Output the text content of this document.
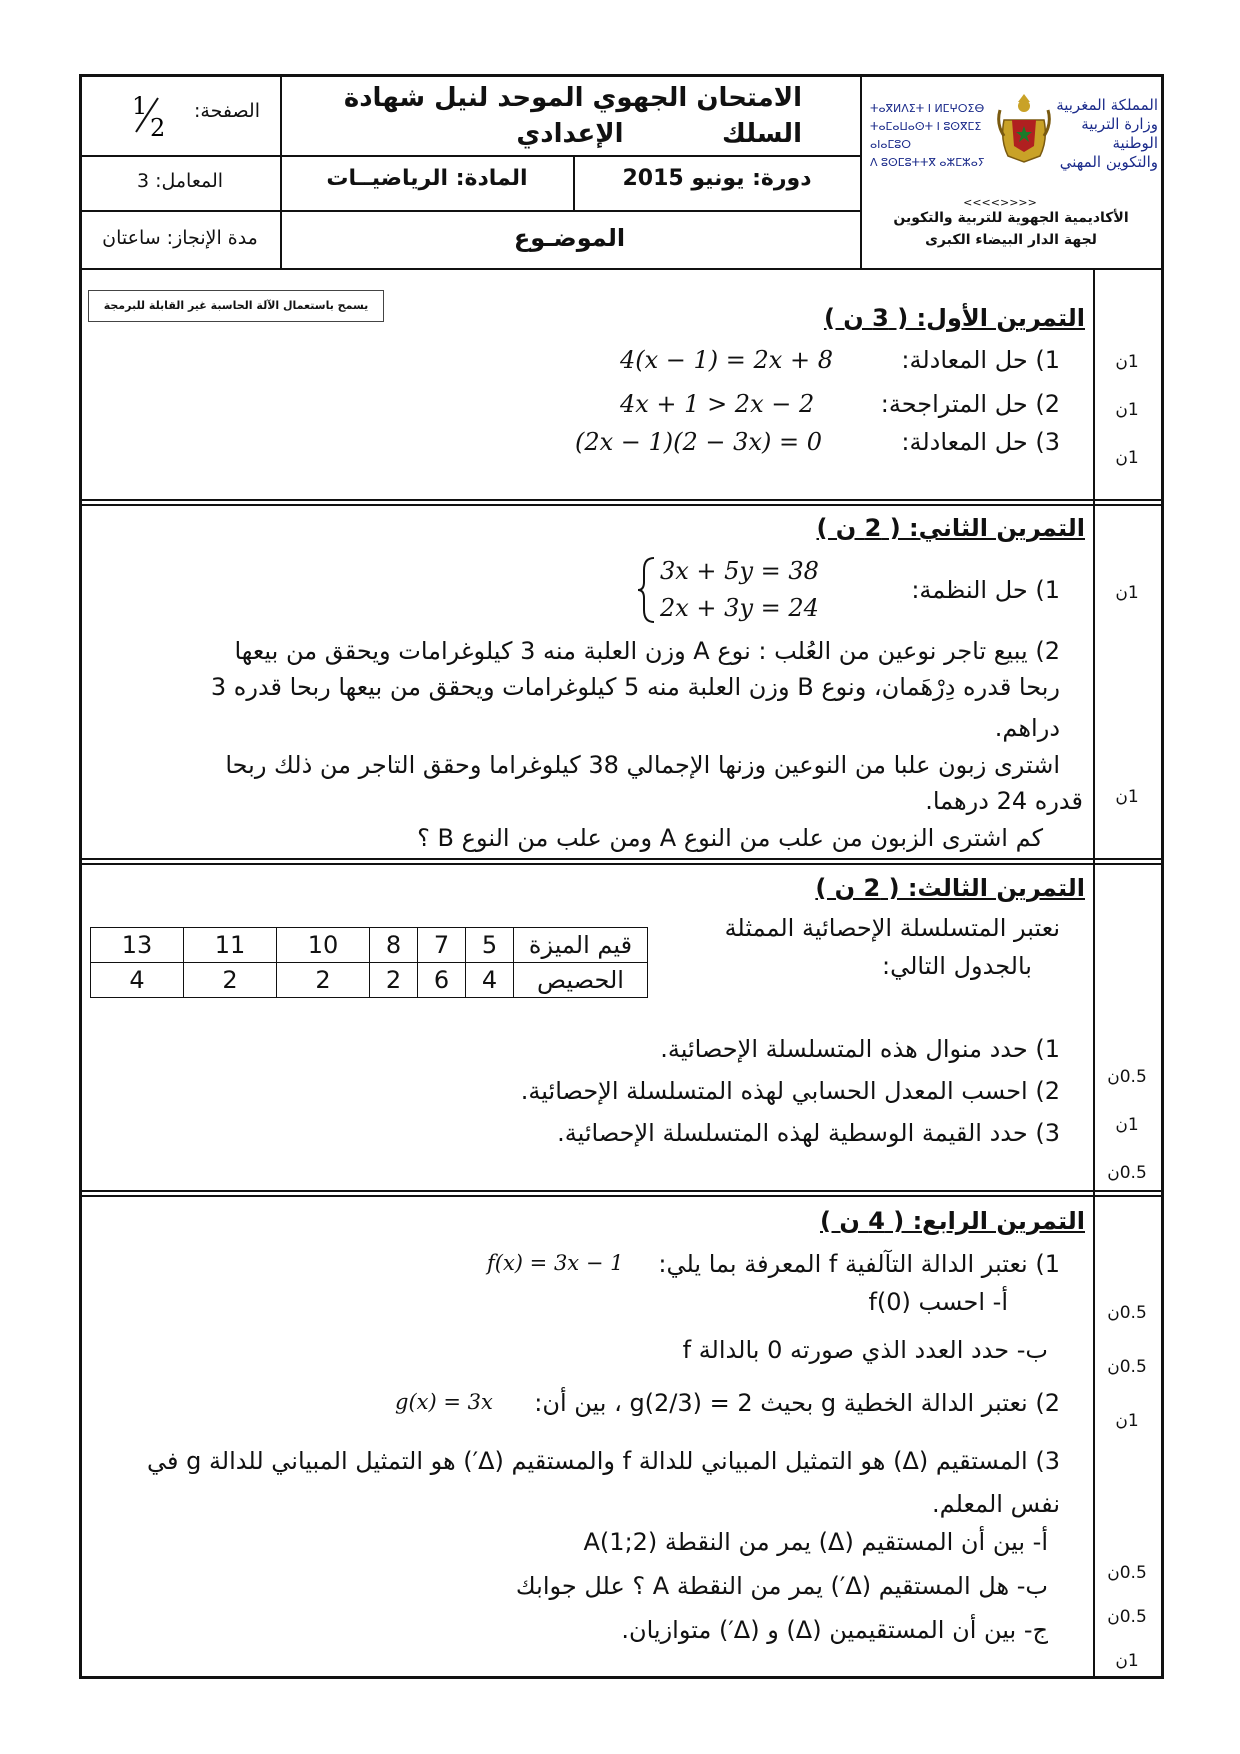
الصفحة:
1
2
الامتحان الجهوي الموحد لنيل شهادة السلك
الإعدادي
المعامل: 3	المادة: الرياضيــات	دورة: يونيو 2015
مدة الإنجاز: ساعتان	الموضـوع
ⵜⴰⴳⵍⴷⵉⵜ ⵏ ⵍⵎⵖⵔⵉⴱ
ⵜⴰⵎⴰⵡⴰⵙⵜ ⵏ ⵓⵙⴳⵎⵉ ⴰⵏⴰⵎⵓⵔ
ⴷ ⵓⵙⵎⵓⵜⵜⴳ ⴰⵣⵎⵣⴰⵢ
المملكة المغربية
وزارة التربية الوطنية
والتكوين المهني
<<<<>>>>
الأكاديمية الجهوية للتربية والتكوين
لجهة الدار البيضاء الكبرى
يسمح باستعمال الآلة الحاسبة غير القابلة للبرمجة	التمرين الأول: ( 3 ن )
1) حل المعادلة:
4(x − 1) = 2x + 8
2) حل المتراجحة:
4x + 1 > 2x − 2
3) حل المعادلة:
(2x − 1)(2 − 3x) = 0
1ن
1ن
1ن
التمرين الثاني: ( 2 ن )
1) حل النظمة:
3x + 5y = 38
2x + 3y = 24
2) يبيع تاجر نوعين من العُلب : نوع A وزن العلبة منه 3 كيلوغرامات ويحقق من بيعها
ربحا قدره دِرْهَمان، ونوع B وزن العلبة منه 5 كيلوغرامات ويحقق من بيعها ربحا قدره 3
دراهم.
اشترى زبون علبا من النوعين وزنها الإجمالي 38 كيلوغراما وحقق التاجر من ذلك ربحا
قدره 24 درهما.
كم اشترى الزبون من علب من النوع A ومن علب من النوع B ؟
1ن
1ن
التمرين الثالث: ( 2 ن )
نعتبر المتسلسلة الإحصائية الممثلة
بالجدول التالي:
قيم الميزة	5	7	8	10	11	13
الحصيص	4	6	2	2	2	4
1) حدد منوال هذه المتسلسلة الإحصائية.
2) احسب المعدل الحسابي لهذه المتسلسلة الإحصائية.
3) حدد القيمة الوسطية لهذه المتسلسلة الإحصائية.
0.5ن
1ن
0.5ن
التمرين الرابع: ( 4 ن )
1) نعتبر الدالة التآلفية f المعرفة بما يلي:
f(x) = 3x − 1
أ- احسب f(0)
ب- حدد العدد الذي صورته 0 بالدالة f
2) نعتبر الدالة الخطية g بحيث g(2/3) = 2 ، بين أن:
g(x) = 3x
3) المستقيم (Δ) هو التمثيل المبياني للدالة f والمستقيم (Δ′) هو التمثيل المبياني للدالة g في
نفس المعلم.
أ- بين أن المستقيم (Δ) يمر من النقطة A(1;2)
ب- هل المستقيم (Δ′) يمر من النقطة A ؟ علل جوابك
ج- بين أن المستقيمين (Δ) و (Δ′) متوازيان.
0.5ن
0.5ن
1ن
0.5ن
0.5ن
1ن
